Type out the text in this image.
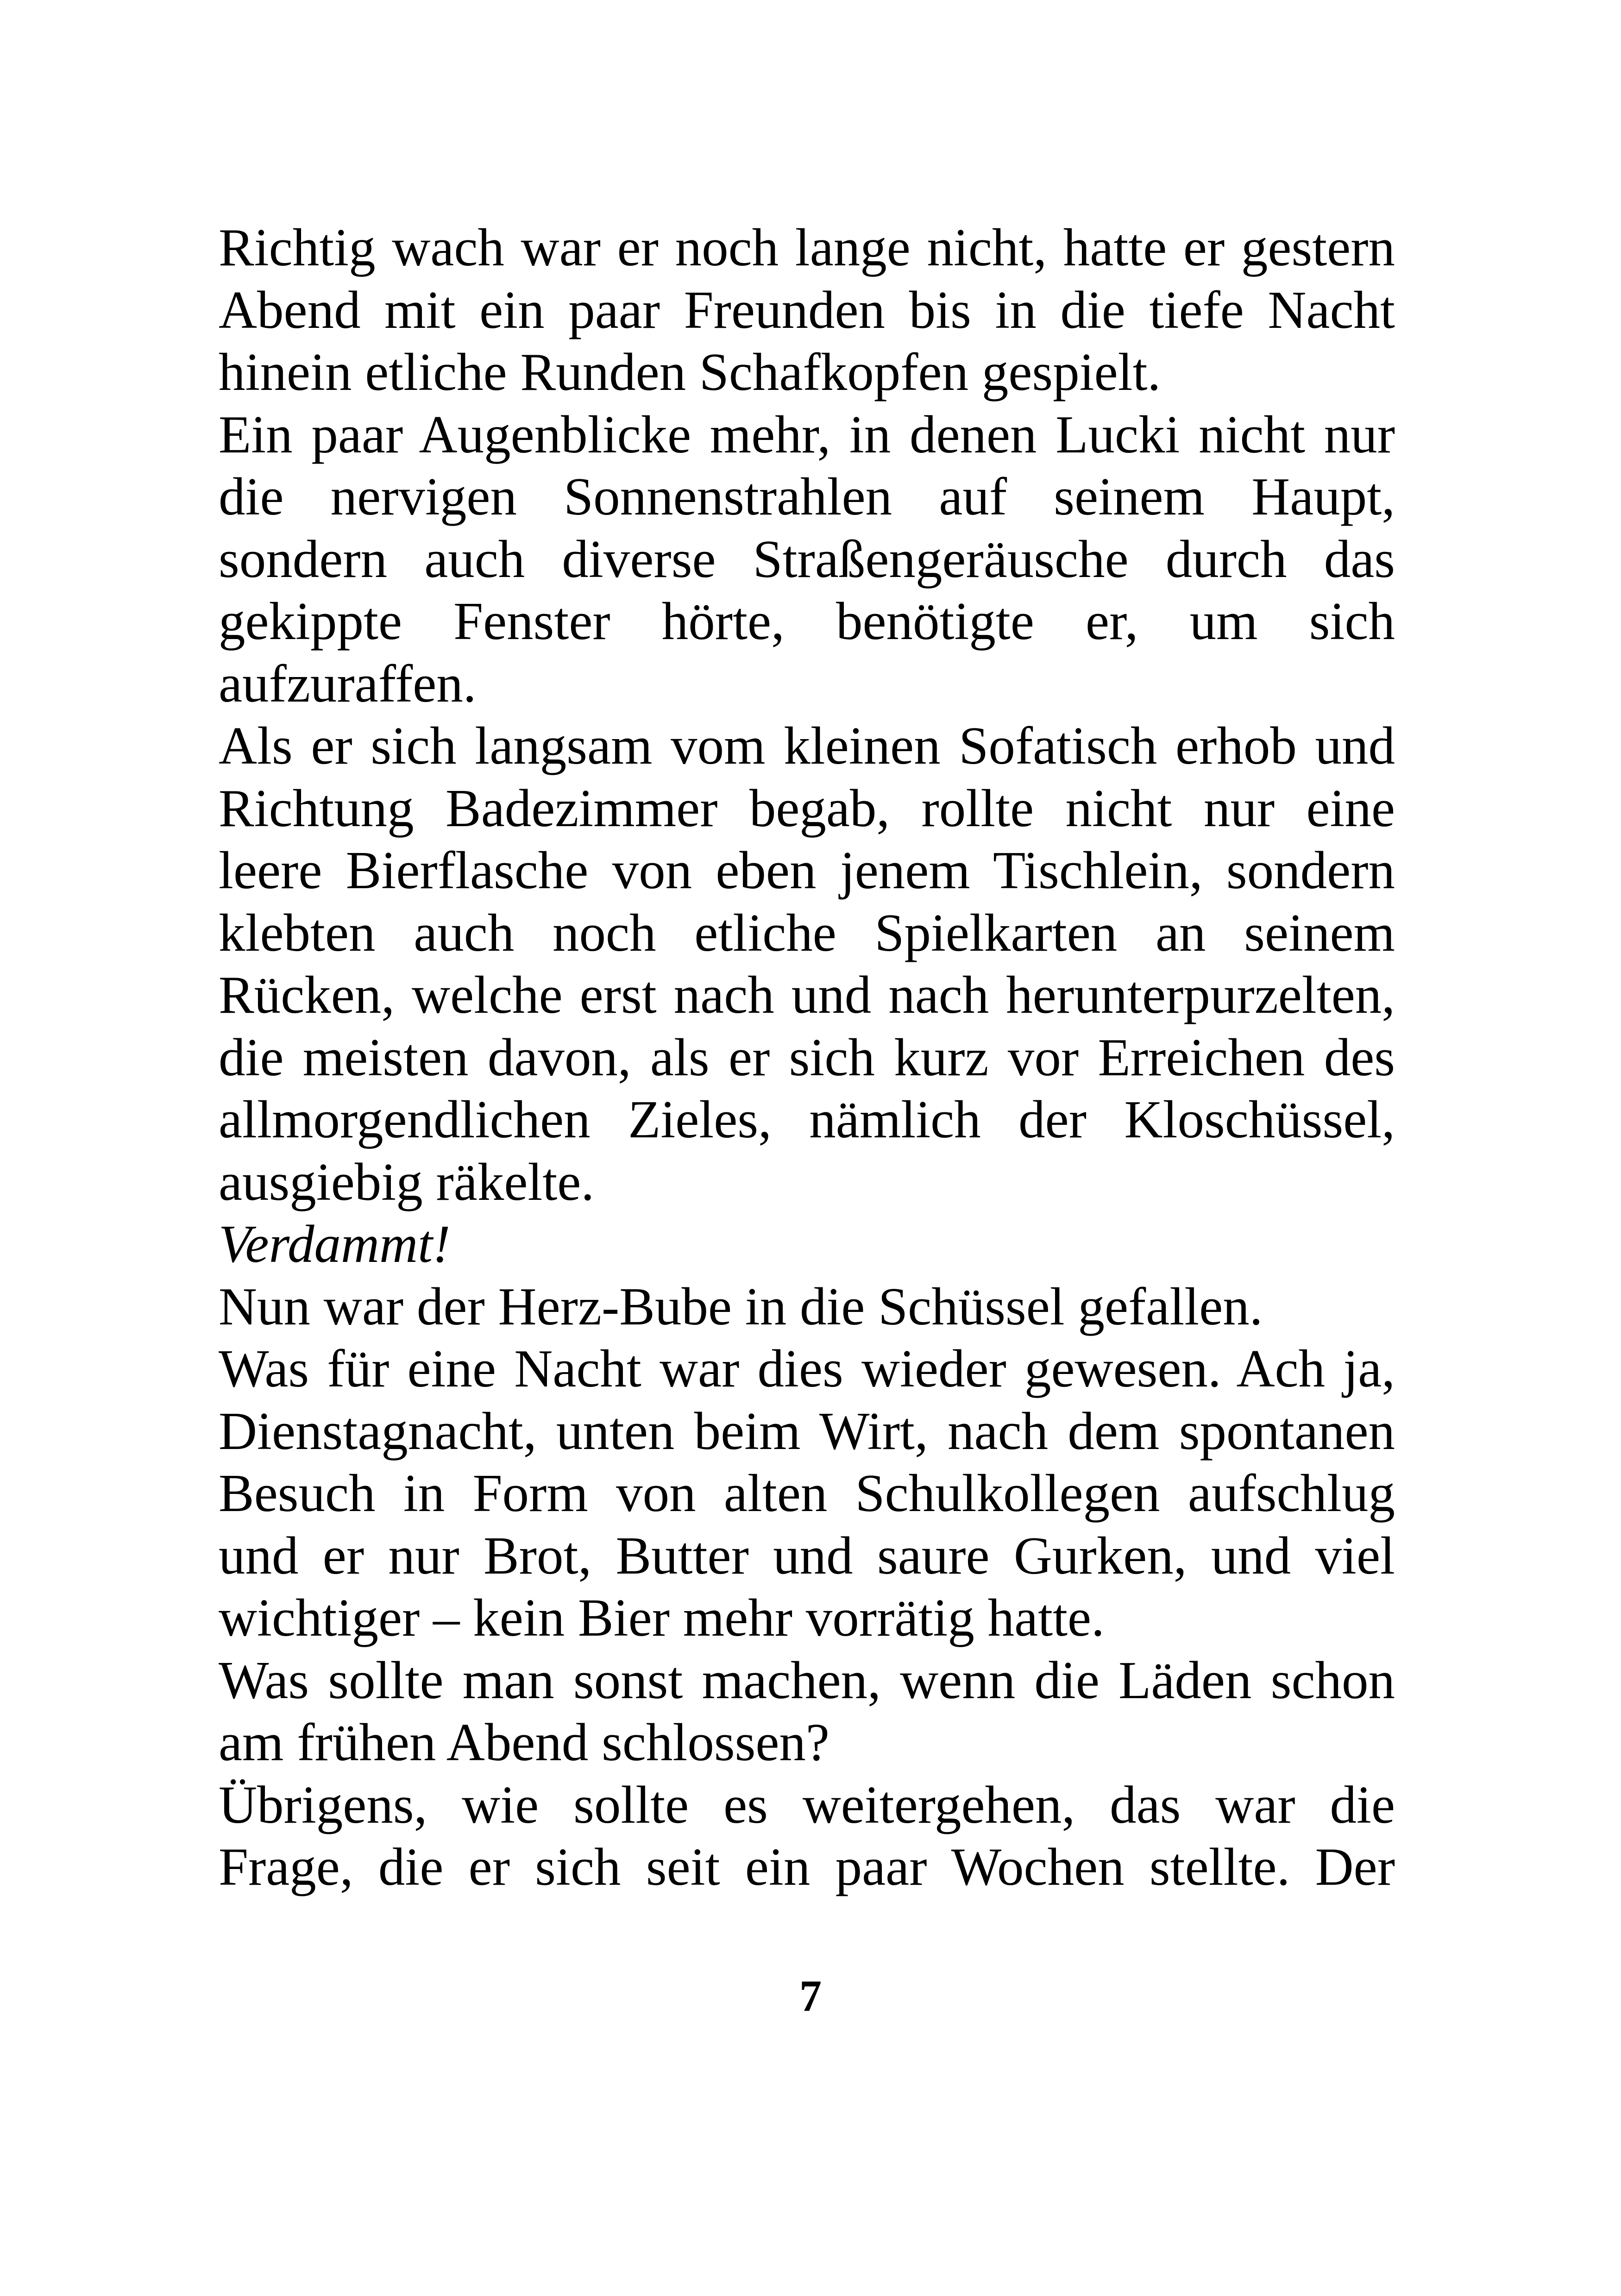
Richtig wach war er noch lange nicht, hatte er gestern
Abend mit ein paar Freunden bis in die tiefe Nacht
hinein etliche Runden Schafkopfen gespielt.
Ein paar Augenblicke mehr, in denen Lucki nicht nur
die nervigen Sonnenstrahlen auf seinem Haupt,
sondern auch diverse Straßengeräusche durch das
gekippte Fenster hörte, benötigte er, um sich
aufzuraffen.
Als er sich langsam vom kleinen Sofatisch erhob und
Richtung Badezimmer begab, rollte nicht nur eine
leere Bierflasche von eben jenem Tischlein, sondern
klebten auch noch etliche Spielkarten an seinem
Rücken, welche erst nach und nach herunterpurzelten,
die meisten davon, als er sich kurz vor Erreichen des
allmorgendlichen Zieles, nämlich der Kloschüssel,
ausgiebig räkelte.
Verdammt!
Nun war der Herz-Bube in die Schüssel gefallen.
Was für eine Nacht war dies wieder gewesen. Ach ja,
Dienstagnacht, unten beim Wirt, nach dem spontanen
Besuch in Form von alten Schulkollegen aufschlug
und er nur Brot, Butter und saure Gurken, und viel
wichtiger – kein Bier mehr vorrätig hatte.
Was sollte man sonst machen, wenn die Läden schon
am frühen Abend schlossen?
Übrigens, wie sollte es weitergehen, das war die
Frage, die er sich seit ein paar Wochen stellte. Der
7
